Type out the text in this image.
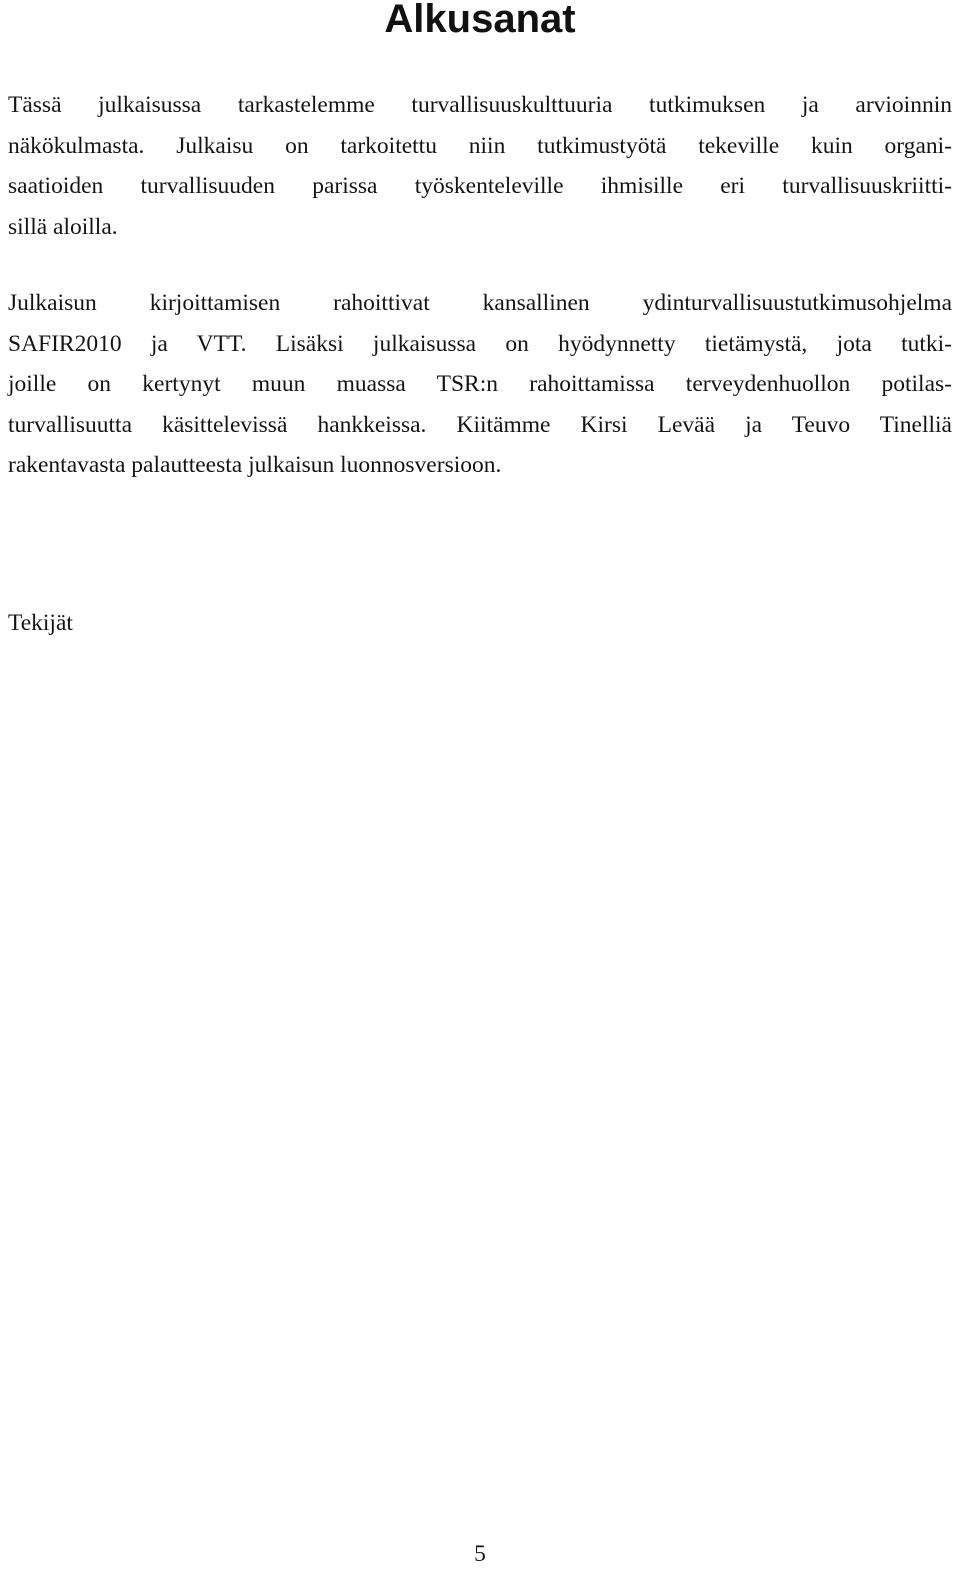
Alkusanat
Tässä julkaisussa tarkastelemme turvallisuuskulttuuria tutkimuksen ja arvioinnin
näkökulmasta. Julkaisu on tarkoitettu niin tutkimustyötä tekeville kuin organi-
saatioiden turvallisuuden parissa työskenteleville ihmisille eri turvallisuuskriitti-
sillä aloilla.
Julkaisun kirjoittamisen rahoittivat kansallinen ydinturvallisuustutkimusohjelma
SAFIR2010 ja VTT. Lisäksi julkaisussa on hyödynnetty tietämystä, jota tutki-
joille on kertynyt muun muassa TSR:n rahoittamissa terveydenhuollon potilas-
turvallisuutta käsittelevissä hankkeissa. Kiitämme Kirsi Levää ja Teuvo Tinelliä
rakentavasta palautteesta julkaisun luonnosversioon.

Tekijät

5
